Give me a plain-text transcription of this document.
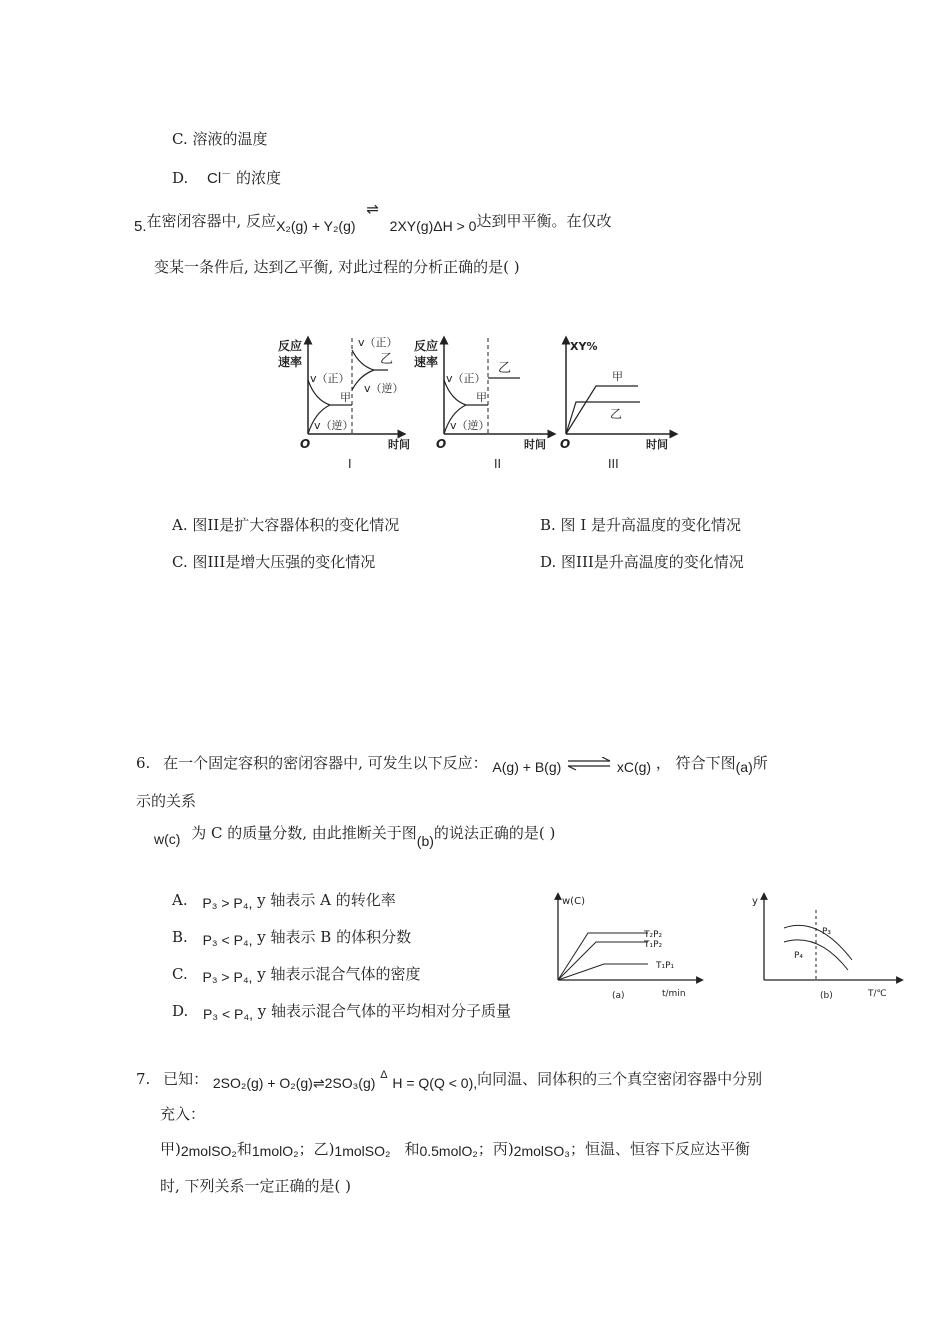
C. 溶液的温度
D. Cl－ 的浓度
5.在密闭容器中, 反应X₂(g) + Y₂(g) ⇌ 2XY(g)ΔH > 0达到甲平衡。在仅改
变某一条件后, 达到乙平衡, 对此过程的分析正确的是( )
反应
速率
v（正）
v（逆）
甲
v（正）
乙
v（逆）
O	时间
I
反应
速率
v（正）
v（逆）
甲
乙
O	时间
II
XY%
甲
乙
O	时间
III
A. 图II是扩大容器体积的变化情况	B. 图 I 是升高温度的变化情况
C. 图III是增大压强的变化情况	D. 图III是升高温度的变化情况
6. 在一个固定容积的密闭容器中, 可发生以下反应： A(g) + B(g)	xC(g) ， 符合下图(a)所
示的关系
w(c) 为 C 的质量分数, 由此推断关于图(b)的说法正确的是( )
A. P₃ > P₄, y 轴表示 A 的转化率
B. P₃ < P₄, y 轴表示 B 的体积分数
C. P₃ > P₄, y 轴表示混合气体的密度
D. P₃ < P₄, y 轴表示混合气体的平均相对分子质量
w(C)
T₂P₂
T₁P₂
T₁P₁
t/min
(a)
y
P₃
P₄
T/℃
(b)
7. 已知： 2SO₂(g) + O₂(g)⇌2SO₃(g) $^\Delta$ H = Q(Q < 0),向同温、同体积的三个真空密闭容器中分别
充入：
甲)2molSO₂和1molO₂；乙)1molSO₂ 和0.5molO₂；丙)2molSO₃；恒温、恒容下反应达平衡
时, 下列关系一定正确的是( )
